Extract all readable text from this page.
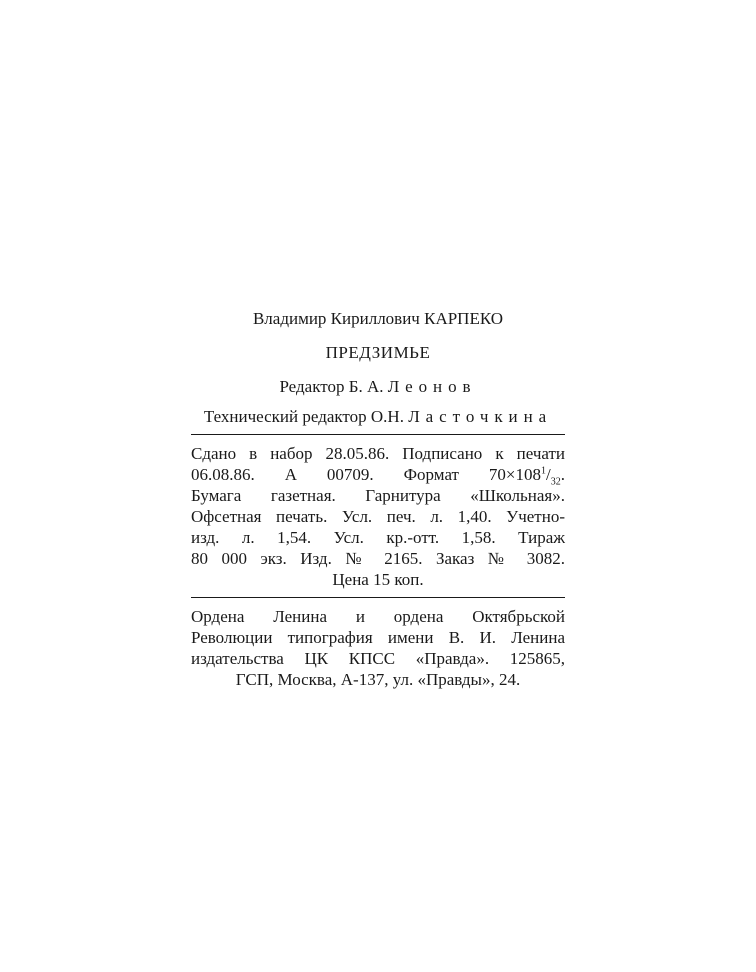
Владимир Кириллович КАРПЕКО
ПРЕДЗИМЬЕ
Редактор Б. А. Леонов
Технический редактор О.Н. Ласточкина
Сдано в набор 28.05.86. Подписано к печати
06.08.86. А 00709. Формат $70\times 108^1/_{32}$.
Бумага газетная. Гарнитура «Школьная».
Офсетная печать. Усл. печ. л. 1,40. Учетно-
изд. л. 1,54. Усл. кр.-отт. 1,58. Тираж
80 000 экз. Изд. № 2165. Заказ № 3082.
Цена 15 коп.
Ордена Ленина и ордена Октябрьской
Революции типография имени В. И. Ленина
издательства ЦК КПСС «Правда». 125865,
ГСП, Москва, А-137, ул. «Правды», 24.
